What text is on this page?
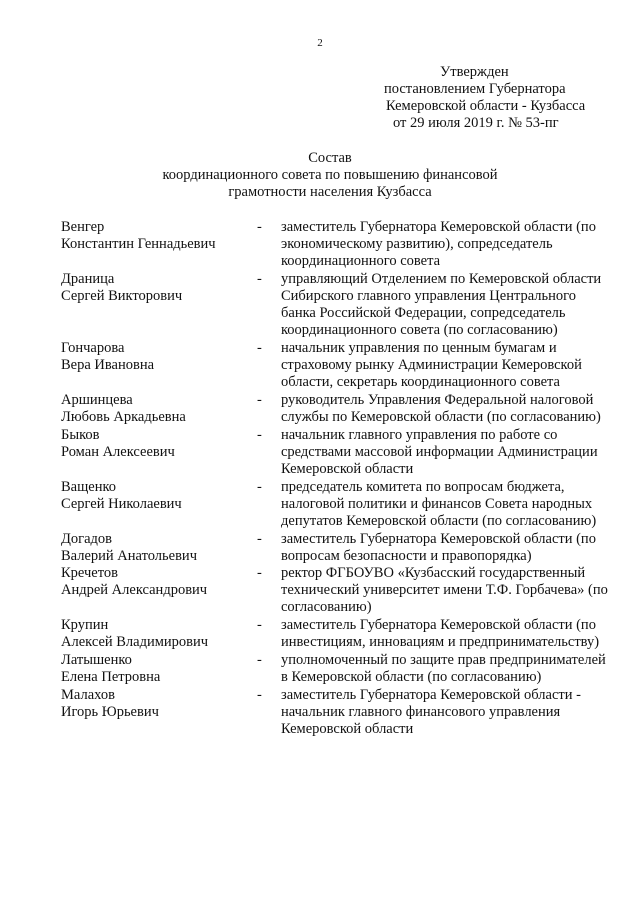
2
Утвержден
постановлением Губернатора
Кемеровской области - Кузбасса
от 29 июля 2019 г. № 53-пг
Состав
координационного совета по повышению финансовой
грамотности населения Кузбасса
Венгер
Константин Геннадьевич
-	заместитель Губернатора Кемеровской области (по экономическому развитию), сопредседатель координационного совета
Драница
Сергей Викторович
-	управляющий Отделением по Кемеровской области Сибирского главного управления Центрального банка Российской Федерации, сопредседатель координационного совета (по согласованию)
Гончарова
Вера Ивановна
-	начальник управления по ценным бумагам и страховому рынку Администрации Кемеровской области, секретарь координационного совета
Аршинцева
Любовь Аркадьевна
-	руководитель Управления Федеральной налоговой службы по Кемеровской области (по согласованию)
Быков
Роман Алексеевич
-	начальник главного управления по работе со средствами массовой информации Администрации Кемеровской области
Ващенко
Сергей Николаевич
-	председатель комитета по вопросам бюджета, налоговой политики и финансов Совета народных депутатов Кемеровской области (по согласованию)
Догадов
Валерий Анатольевич
-	заместитель Губернатора Кемеровской области (по вопросам безопасности и правопорядка)
Кречетов
Андрей Александрович
-	ректор ФГБОУВО «Кузбасский государственный технический университет имени Т.Ф. Горбачева» (по согласованию)
Крупин
Алексей Владимирович
-	заместитель Губернатора Кемеровской области (по инвестициям, инновациям и предпринимательству)
Латышенко
Елена Петровна
-	уполномоченный по защите прав предпринимателей в Кемеровской области (по согласованию)
Малахов
Игорь Юрьевич
-	заместитель Губернатора Кемеровской области - начальник главного финансового управления Кемеровской области
